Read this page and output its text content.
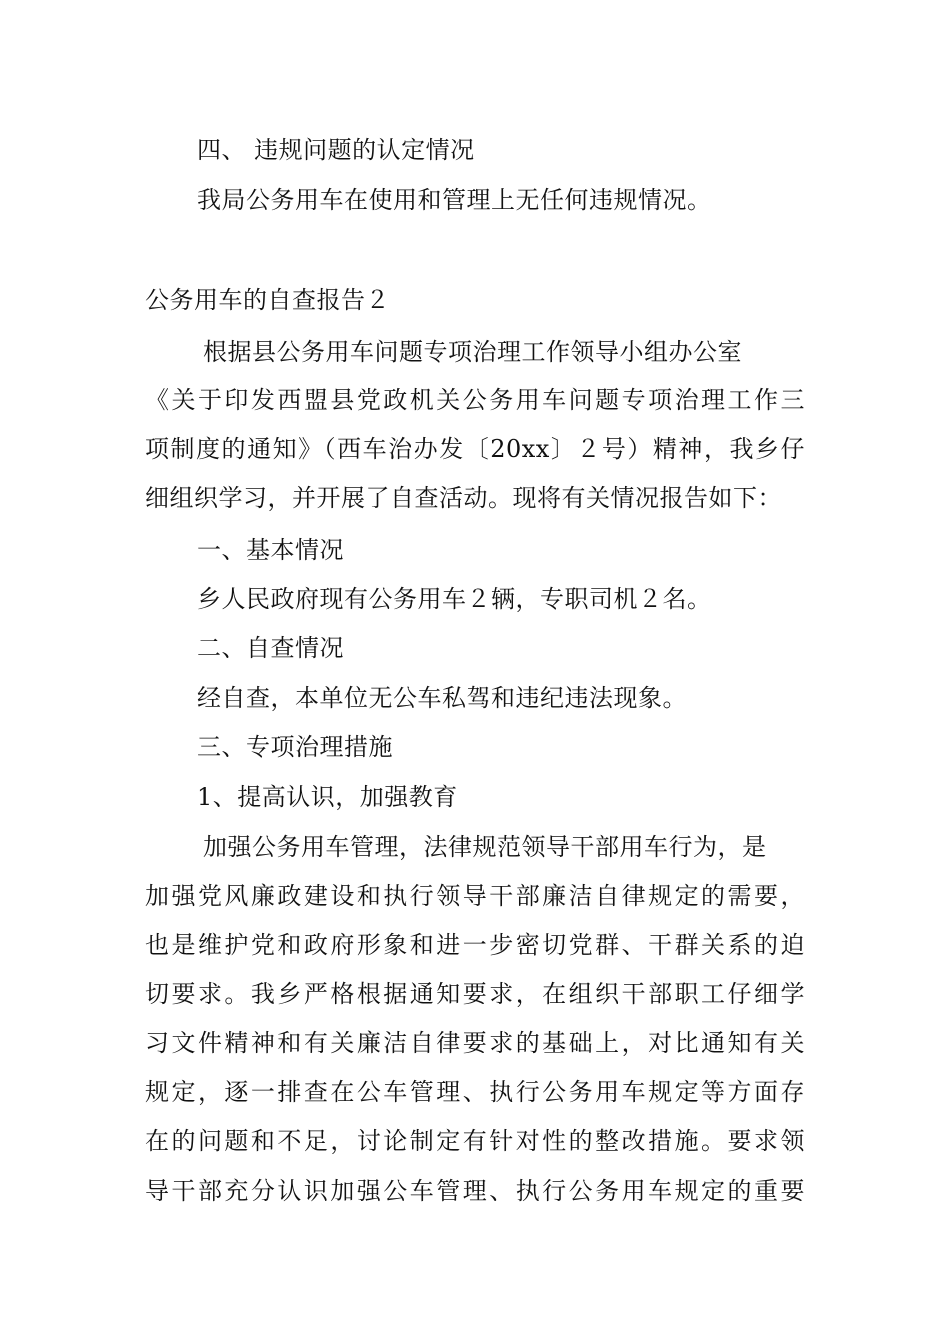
四、 违规问题的认定情况
我局公务用车在使用和管理上无任何违规情况。
公务用车的自查报告２
根据县公务用车问题专项治理工作领导小组办公室
《关于印发西盟县党政机关公务用车问题专项治理工作三
项制度的通知》（西车治办发〔20xx〕２号）精神，我乡仔
细组织学习，并开展了自查活动。现将有关情况报告如下：
一、基本情况
乡人民政府现有公务用车２辆，专职司机２名。
二、自查情况
经自查，本单位无公车私驾和违纪违法现象。
三、专项治理措施
1、提高认识，加强教育
加强公务用车管理，法律规范领导干部用车行为，是
加强党风廉政建设和执行领导干部廉洁自律规定的需要，
也是维护党和政府形象和进一步密切党群、干群关系的迫
切要求。我乡严格根据通知要求，在组织干部职工仔细学
习文件精神和有关廉洁自律要求的基础上，对比通知有关
规定，逐一排查在公车管理、执行公务用车规定等方面存
在的问题和不足，讨论制定有针对性的整改措施。要求领
导干部充分认识加强公车管理、执行公务用车规定的重要
